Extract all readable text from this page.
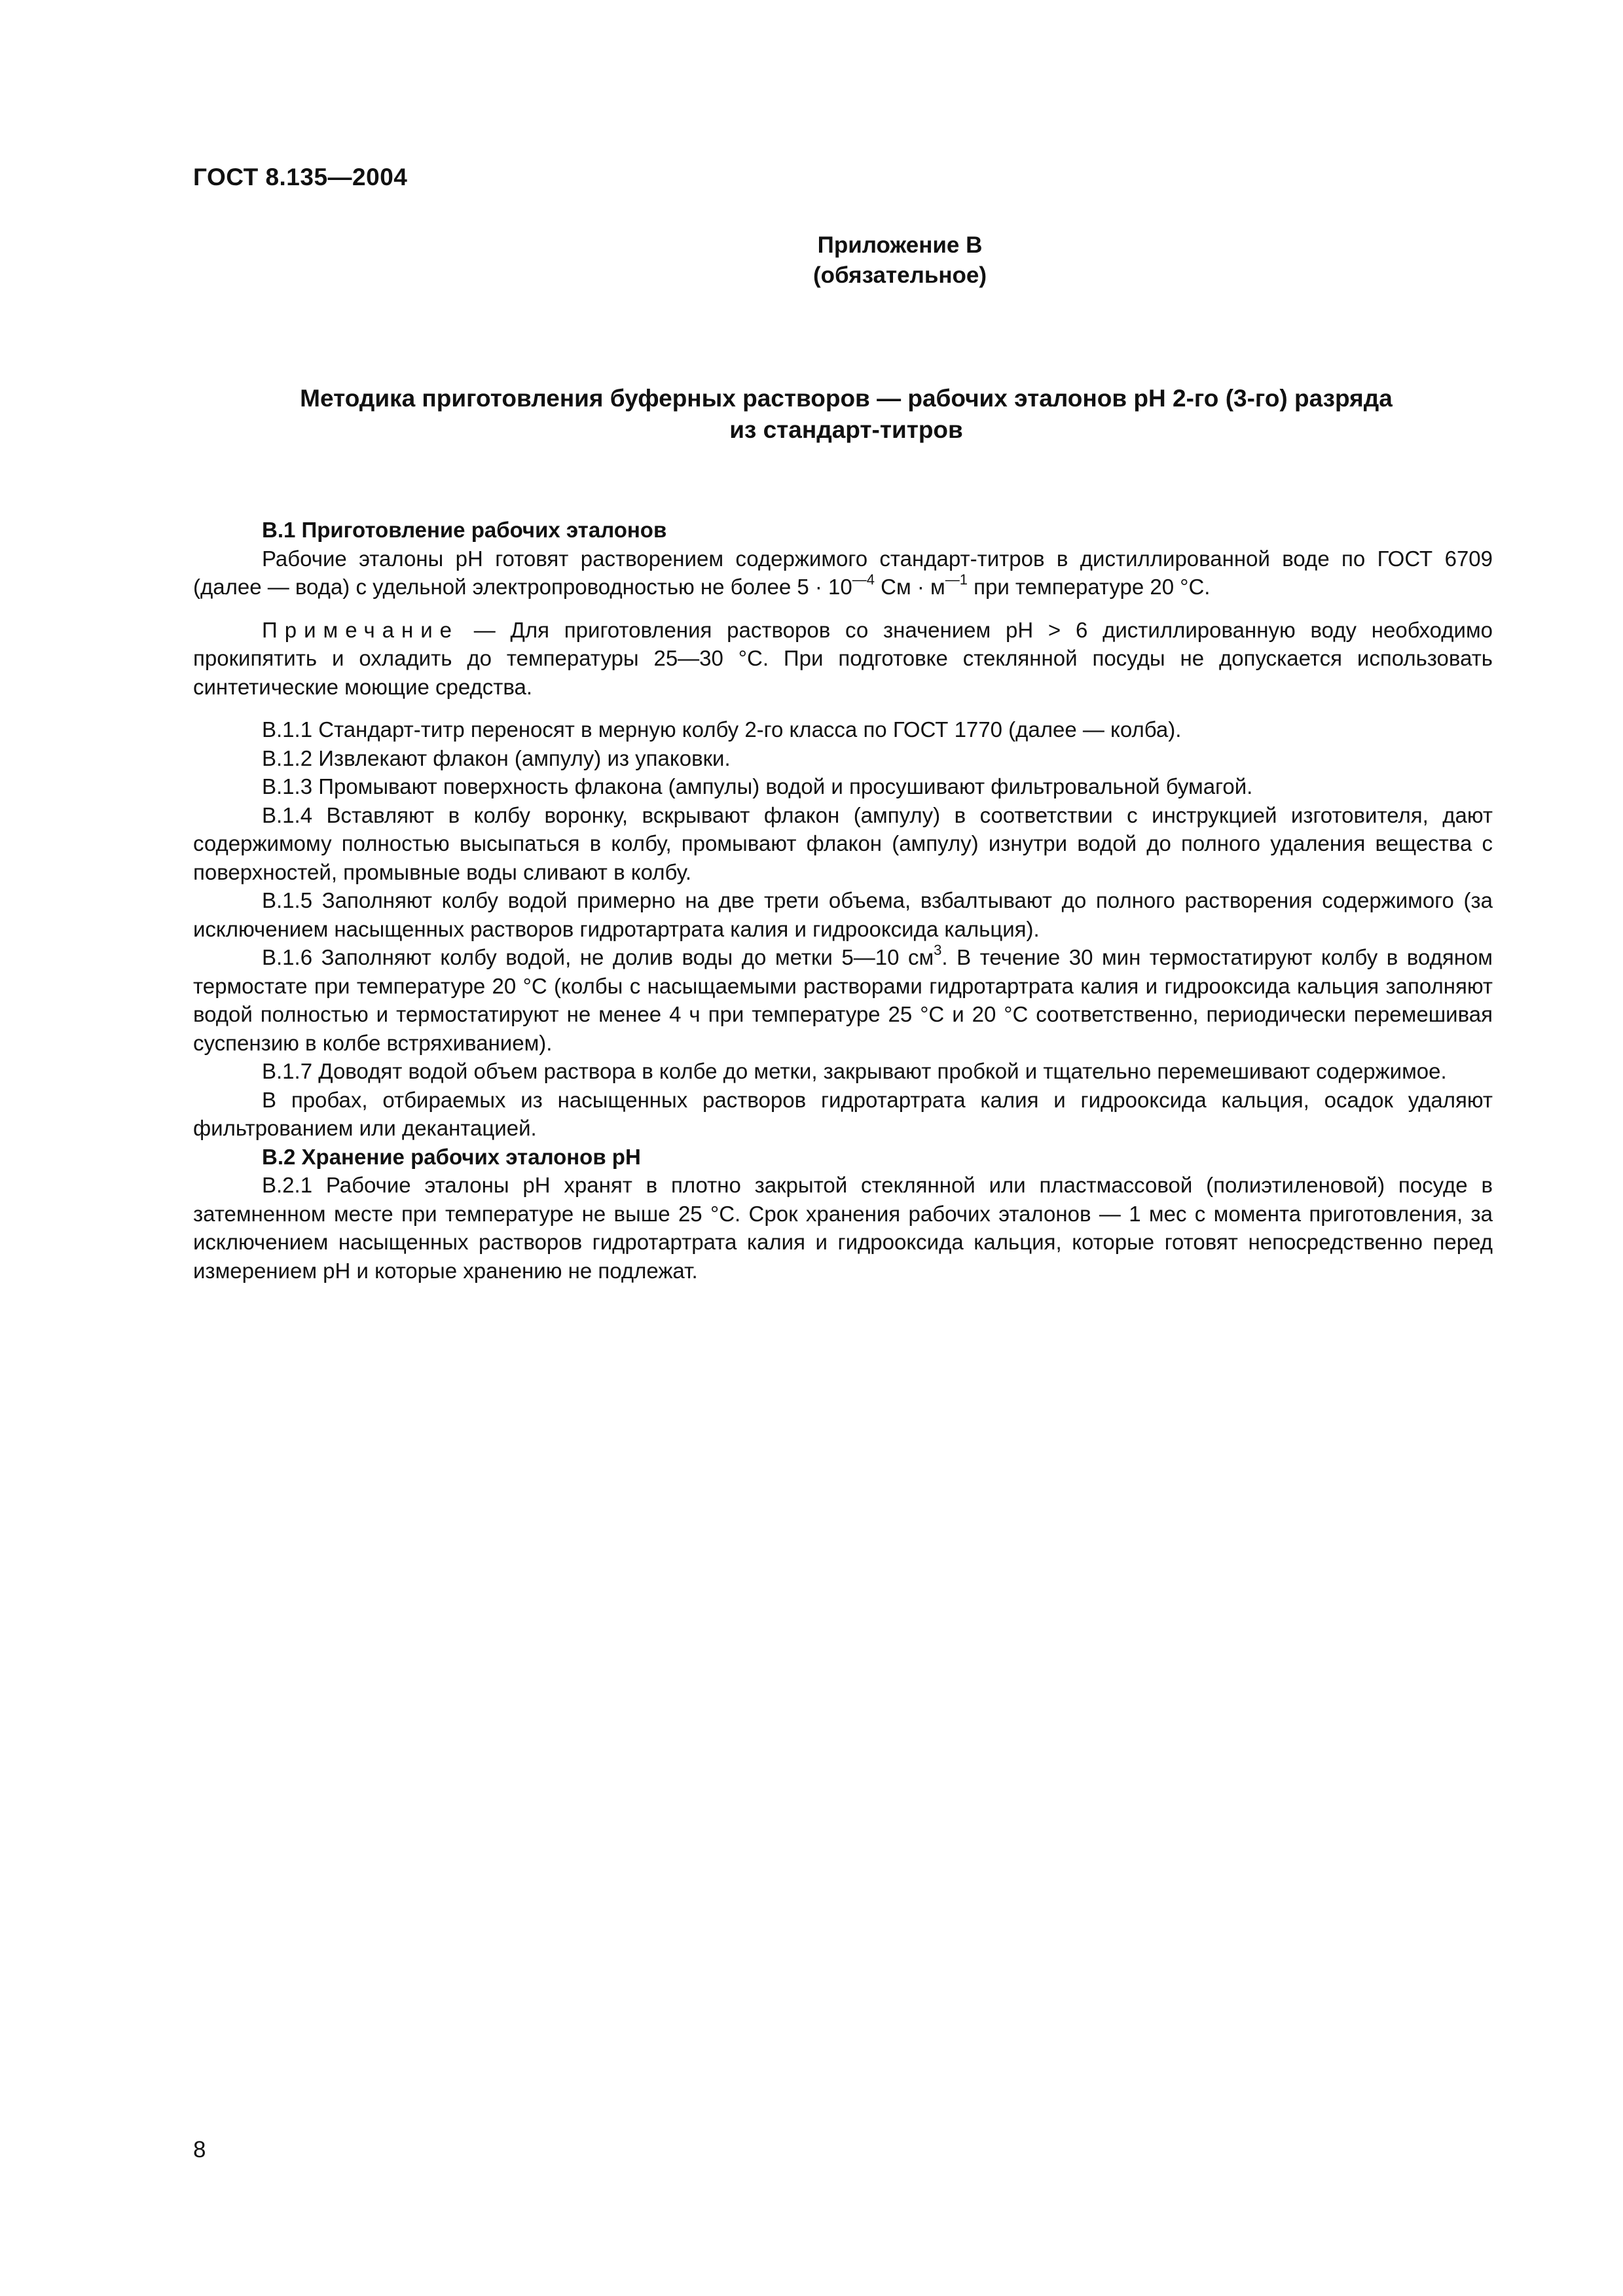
ГОСТ 8.135—2004
Приложение В
(обязательное)
Методика приготовления буферных растворов — рабочих эталонов рН 2-го (3-го) разряда
из стандарт-титров
В.1 Приготовление рабочих эталонов

Рабочие эталоны рН готовят растворением содержимого стандарт-титров в дистиллированной воде по ГОСТ 6709 (далее — вода) с удельной электропроводностью не более $5 \cdot 10^{—4}$ См · $м^{—1}$ при температуре 20 °С.

Примечание — Для приготовления растворов со значением рН > 6 дистиллированную воду необходимо прокипятить и охладить до температуры 25—30 °С. При подготовке стеклянной посуды не допускается использовать синтетические моющие средства.

В.1.1 Стандарт-титр переносят в мерную колбу 2-го класса по ГОСТ 1770 (далее — колба).

В.1.2 Извлекают флакон (ампулу) из упаковки.

В.1.3 Промывают поверхность флакона (ампулы) водой и просушивают фильтровальной бумагой.

В.1.4 Вставляют в колбу воронку, вскрывают флакон (ампулу) в соответствии с инструкцией изготовителя, дают содержимому полностью высыпаться в колбу, промывают флакон (ампулу) изнутри водой до полного удаления вещества с поверхностей, промывные воды сливают в колбу.

В.1.5 Заполняют колбу водой примерно на две трети объема, взбалтывают до полного растворения содержимого (за исключением насыщенных растворов гидротартрата калия и гидрооксида кальция).

В.1.6 Заполняют колбу водой, не долив воды до метки 5—10 $см^3$. В течение 30 мин термостатируют колбу в водяном термостате при температуре 20 °С (колбы с насыщаемыми растворами гидротартрата калия и гидрооксида кальция заполняют водой полностью и термостатируют не менее 4 ч при температуре 25 °С и 20 °С соответственно, периодически перемешивая суспензию в колбе встряхиванием).

В.1.7 Доводят водой объем раствора в колбе до метки, закрывают пробкой и тщательно перемешивают содержимое.

В пробах, отбираемых из насыщенных растворов гидротартрата калия и гидрооксида кальция, осадок удаляют фильтрованием или декантацией.

В.2 Хранение рабочих эталонов рН

В.2.1 Рабочие эталоны рН хранят в плотно закрытой стеклянной или пластмассовой (полиэтиленовой) посуде в затемненном месте при температуре не выше 25 °С. Срок хранения рабочих эталонов — 1 мес с момента приготовления, за исключением насыщенных растворов гидротартрата калия и гидрооксида кальция, которые готовят непосредственно перед измерением рН и которые хранению не подлежат.

8
